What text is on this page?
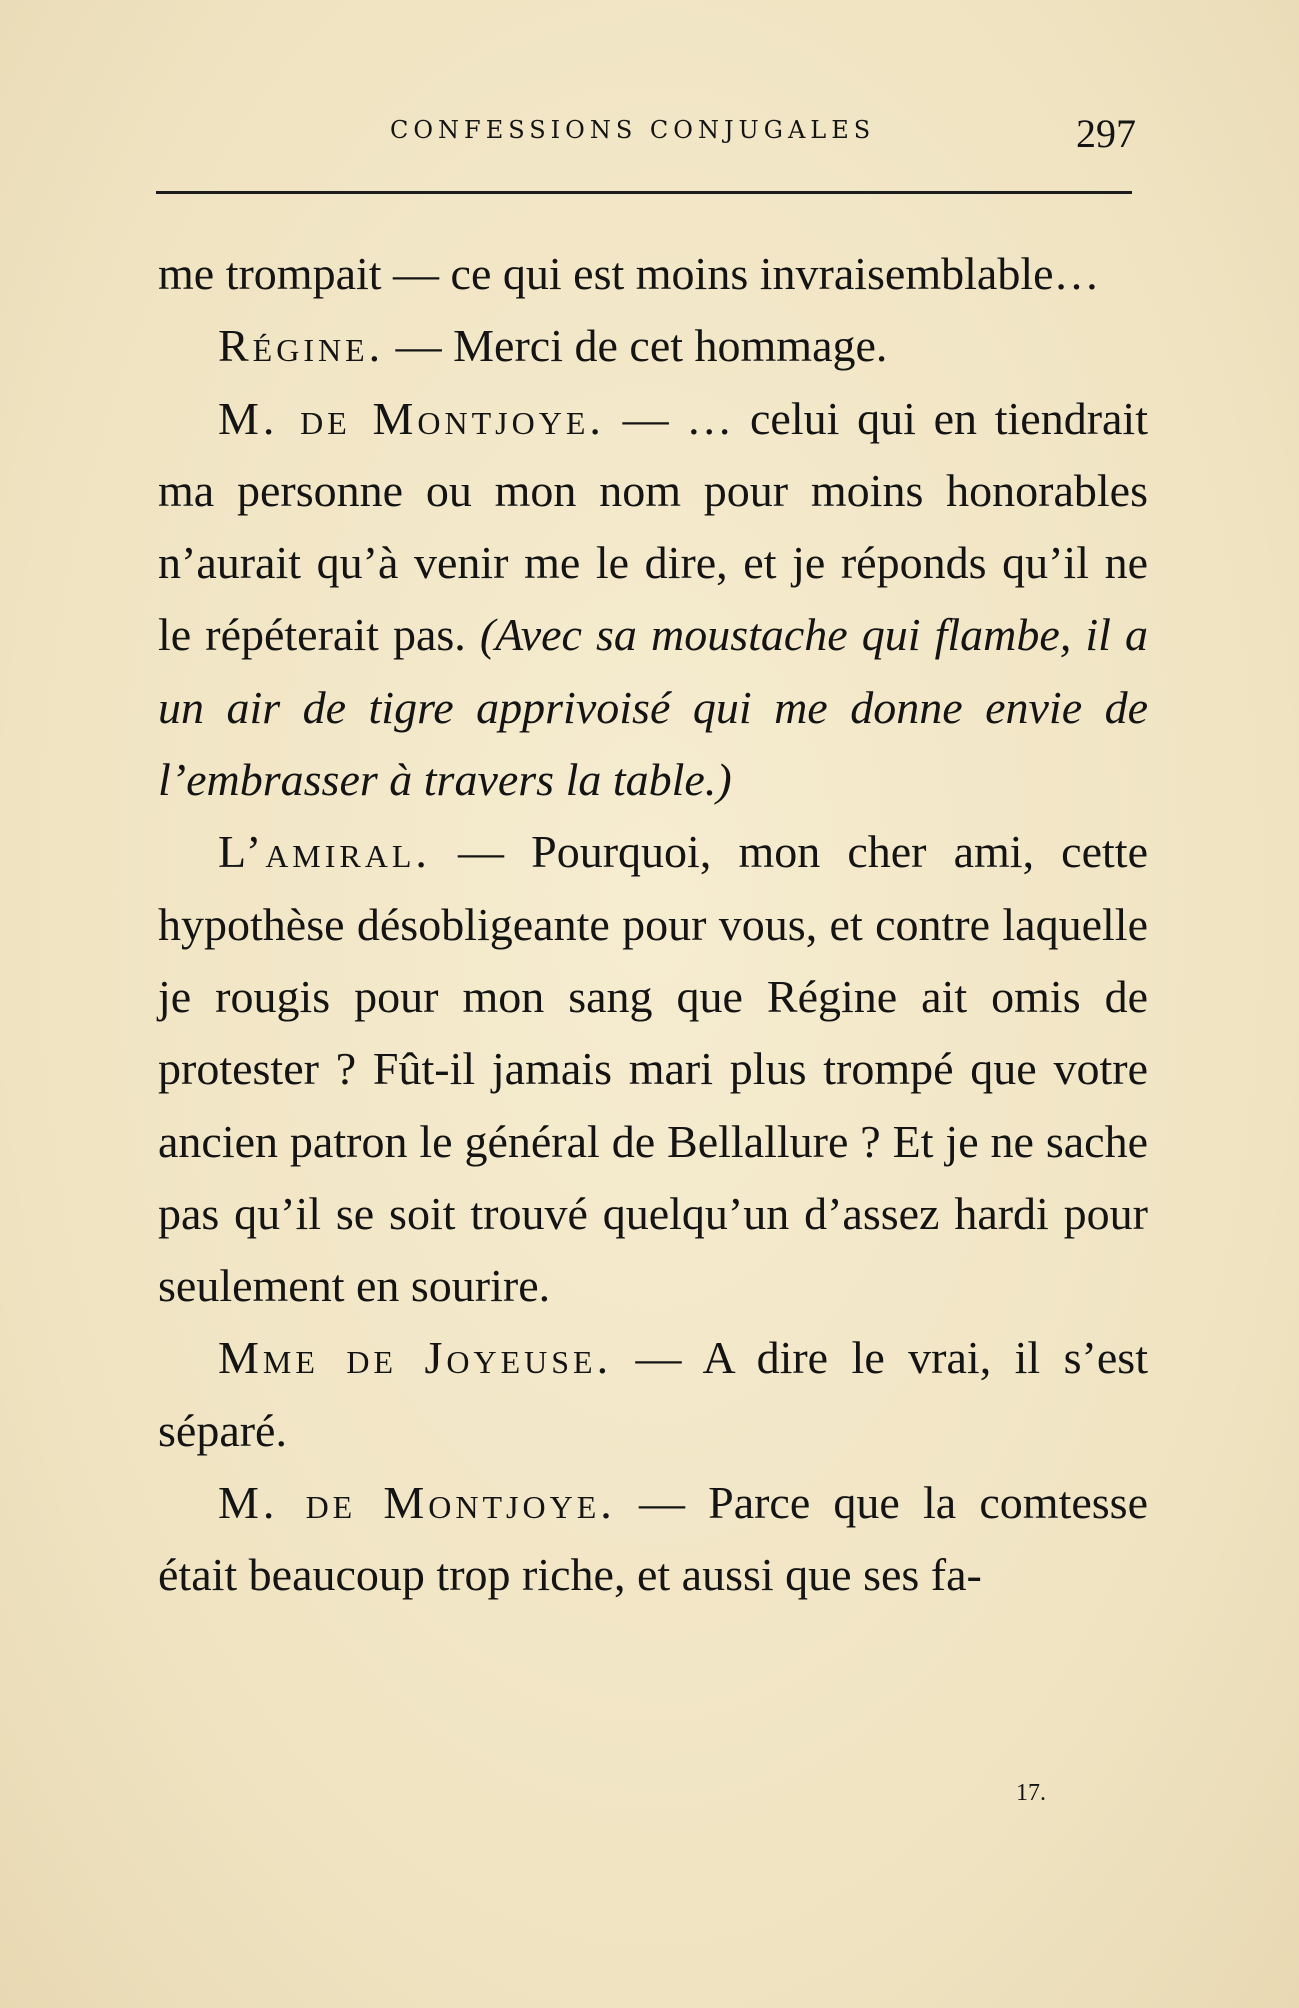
CONFESSIONS CONJUGALES	297

me trompait — ce qui est moins invraisemblable…

Régine. — Merci de cet hommage.

M. de Montjoye. — … celui qui en tiendrait ma personne ou mon nom pour moins honorables n’aurait qu’à venir me le dire, et je réponds qu’il ne le répéterait pas. (Avec sa moustache qui flambe, il a un air de tigre apprivoisé qui me donne envie de l’embrasser à travers la table.)

L’amiral. — Pourquoi, mon cher ami, cette hypothèse désobligeante pour vous, et contre laquelle je rougis pour mon sang que Régine ait omis de protester ? Fût-il jamais mari plus trompé que votre ancien patron le général de Bellallure ? Et je ne sache pas qu’il se soit trouvé quelqu’un d’assez hardi pour seulement en sourire.

Mme de Joyeuse. — A dire le vrai, il s’est séparé.

M. de Montjoye. — Parce que la comtesse était beaucoup trop riche, et aussi que ses fa-

17.
